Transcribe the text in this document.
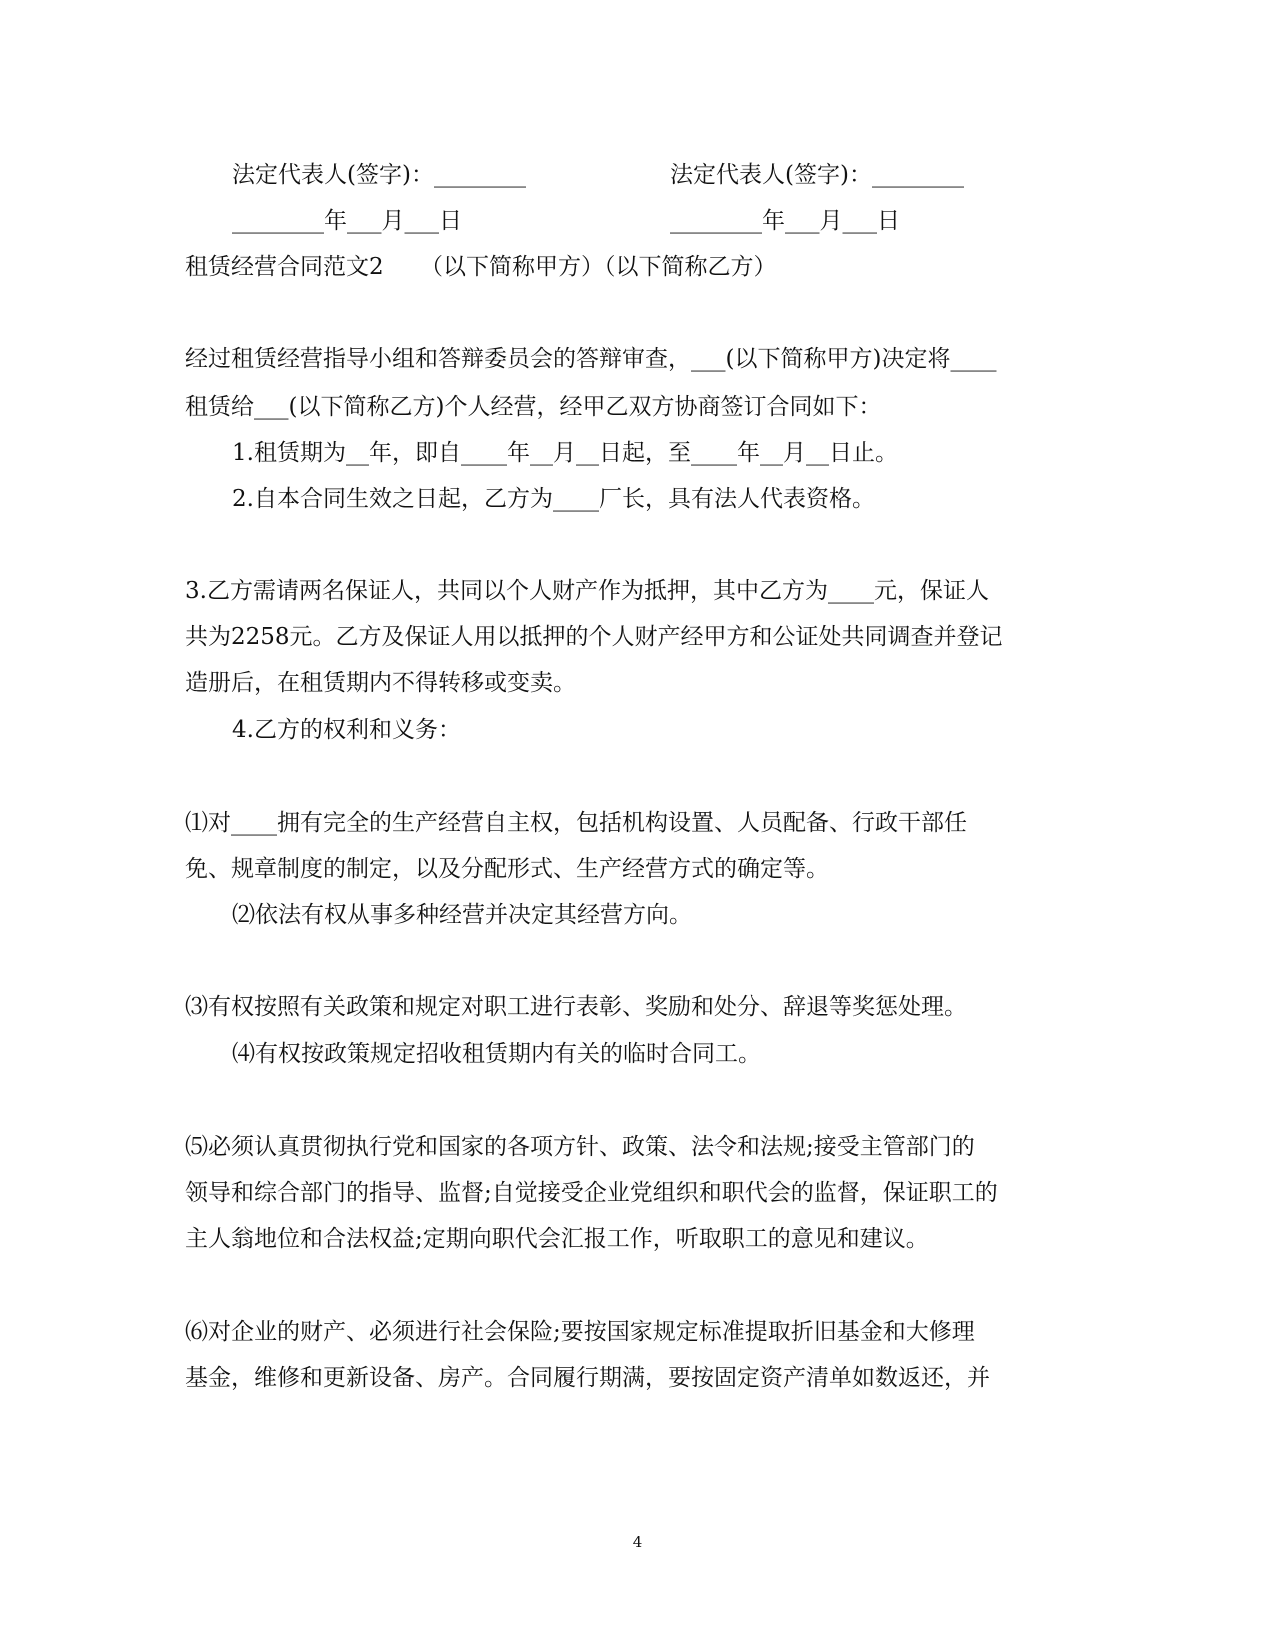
法定代表人(签字)：________	法定代表人(签字)：________

________年___月___日	________年___月___日

租赁经营合同范文2 （以下简称甲方）（以下简称乙方）

经过租赁经营指导小组和答辩委员会的答辩审查，___(以下简称甲方)决定将____

租赁给___(以下简称乙方)个人经营，经甲乙双方协商签订合同如下：

1.租赁期为__年，即自____年__月__日起，至____年__月__日止。

2.自本合同生效之日起，乙方为____厂长，具有法人代表资格。

3.乙方需请两名保证人，共同以个人财产作为抵押，其中乙方为____元，保证人

共为2258元。乙方及保证人用以抵押的个人财产经甲方和公证处共同调查并登记

造册后，在租赁期内不得转移或变卖。

4.乙方的权利和义务：

⑴对____拥有完全的生产经营自主权，包括机构设置、人员配备、行政干部任

免、规章制度的制定，以及分配形式、生产经营方式的确定等。

⑵依法有权从事多种经营并决定其经营方向。

⑶有权按照有关政策和规定对职工进行表彰、奖励和处分、辞退等奖惩处理。

⑷有权按政策规定招收租赁期内有关的临时合同工。

⑸必须认真贯彻执行党和国家的各项方针、政策、法令和法规;接受主管部门的

领导和综合部门的指导、监督;自觉接受企业党组织和职代会的监督，保证职工的

主人翁地位和合法权益;定期向职代会汇报工作，听取职工的意见和建议。

⑹对企业的财产、必须进行社会保险;要按国家规定标准提取折旧基金和大修理

基金，维修和更新设备、房产。合同履行期满，要按固定资产清单如数返还，并

4
